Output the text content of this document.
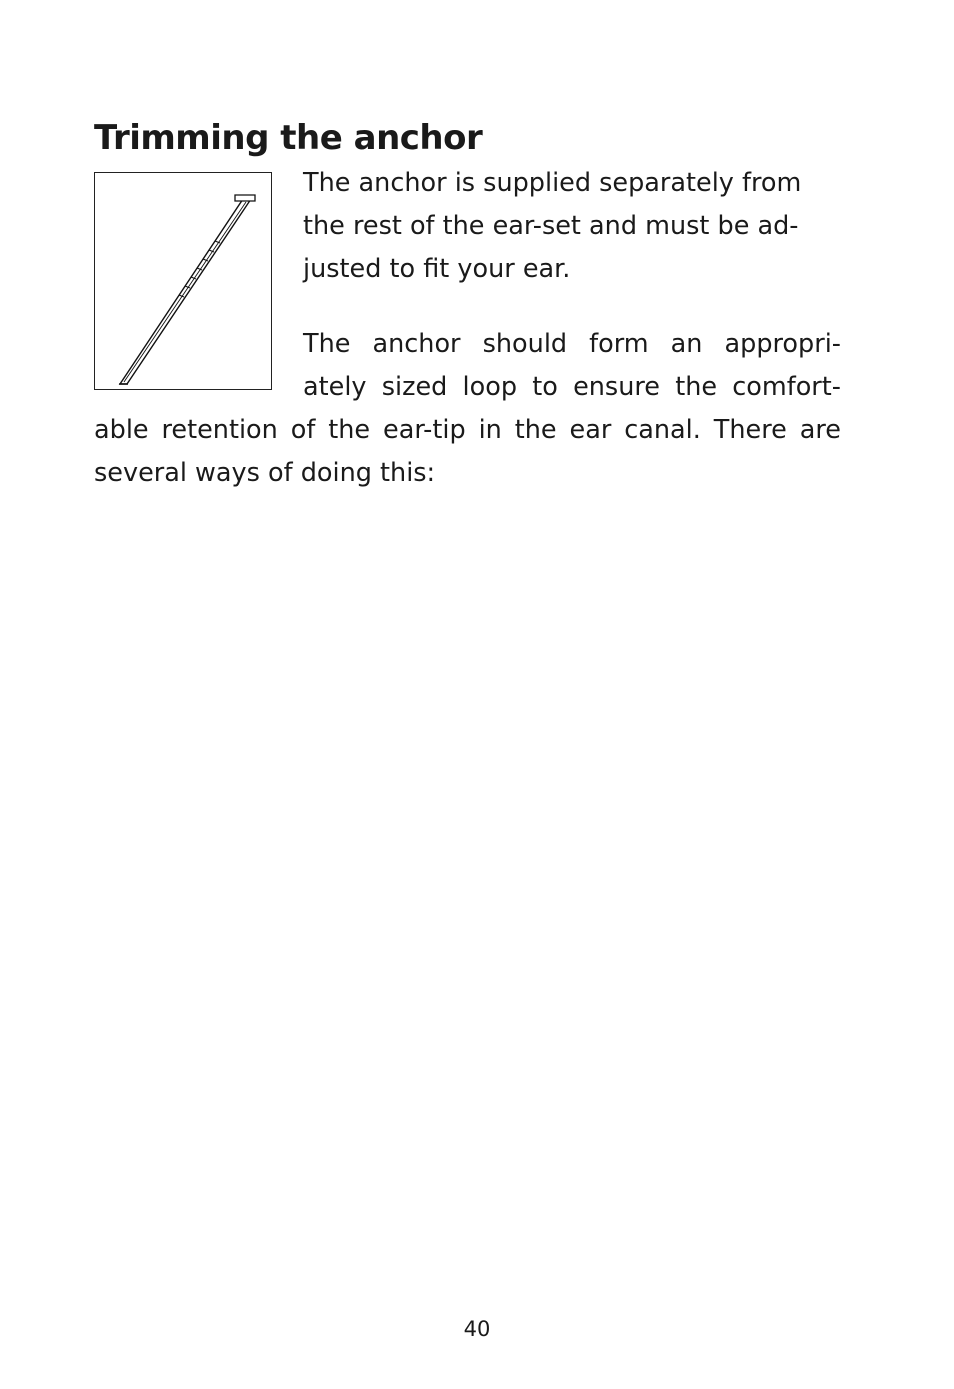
Trimming the anchor
The anchor is supplied separately from
the rest of the ear-set and must be ad-
justed to fit your ear.
The anchor should form an appropri-
ately sized loop to ensure the comfort-
able retention of the ear-tip in the ear canal. There are
several ways of doing this:
40
